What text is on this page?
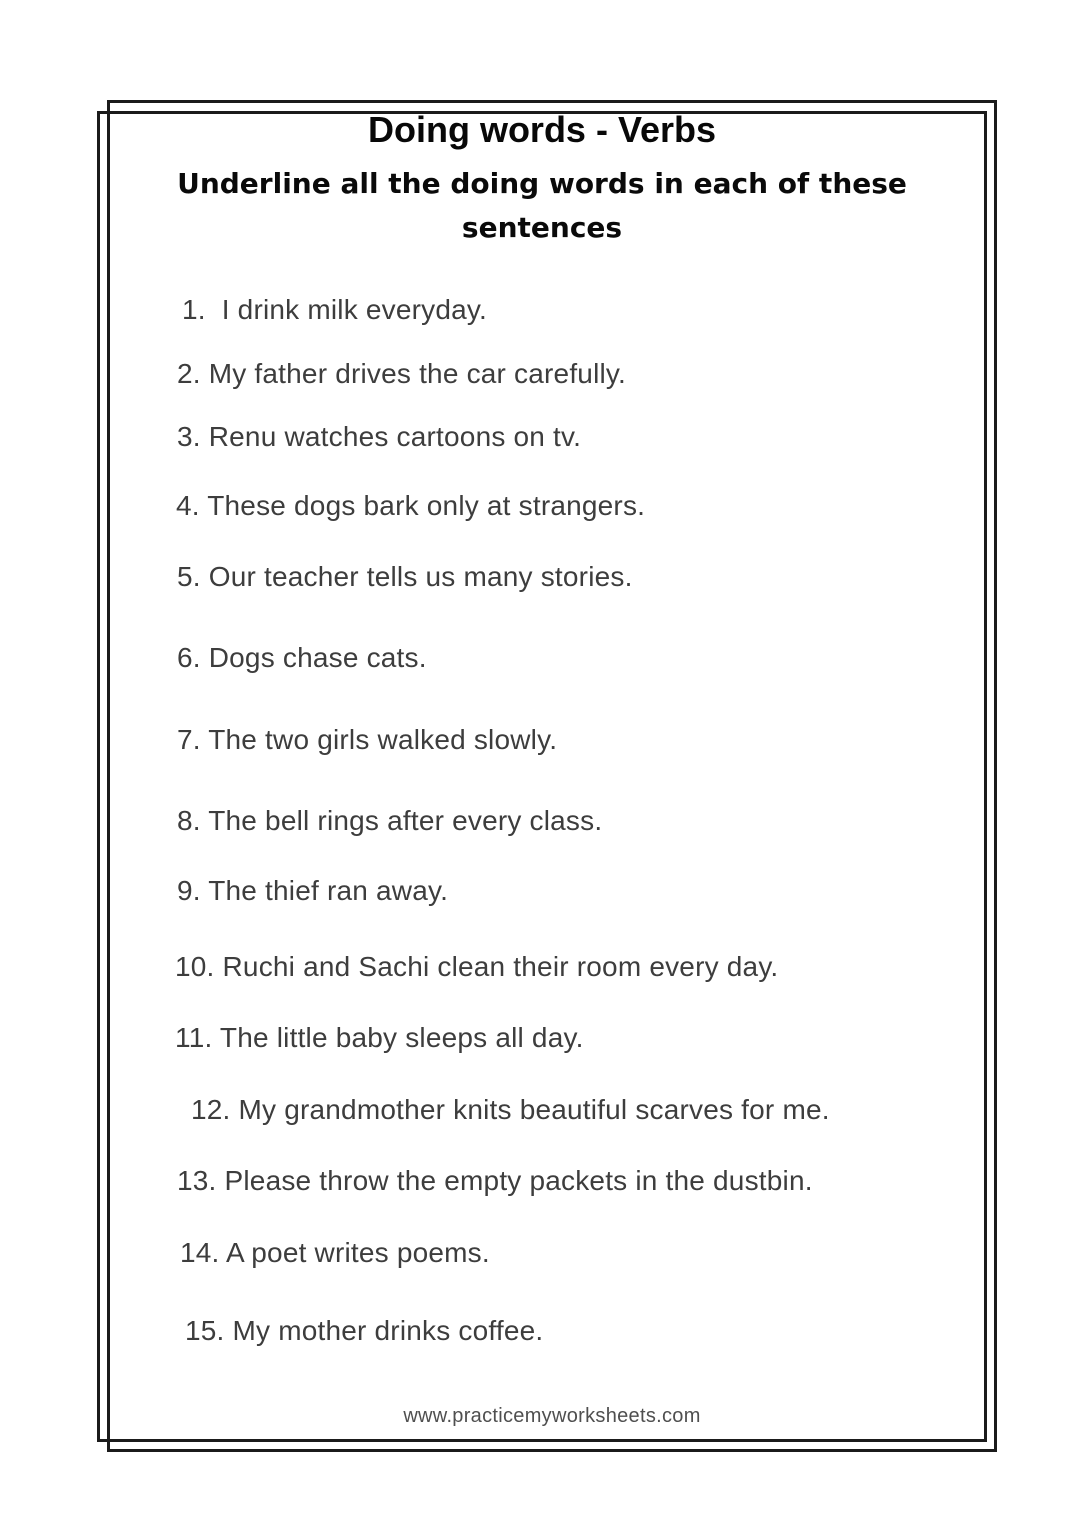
Doing words - Verbs
Underline all the doing words in each of these sentences
1.  I drink milk everyday.
2. My father drives the car carefully.
3. Renu watches cartoons on tv.
4. These dogs bark only at strangers.
5. Our teacher tells us many stories.
6. Dogs chase cats.
7. The two girls walked slowly.
8. The bell rings after every class.
9. The thief ran away.
10. Ruchi and Sachi clean their room every day.
11. The little baby sleeps all day.
12. My grandmother knits beautiful scarves for me.
13. Please throw the empty packets in the dustbin.
14. A poet writes poems.
15. My mother drinks coffee.
www.practicemyworksheets.com
